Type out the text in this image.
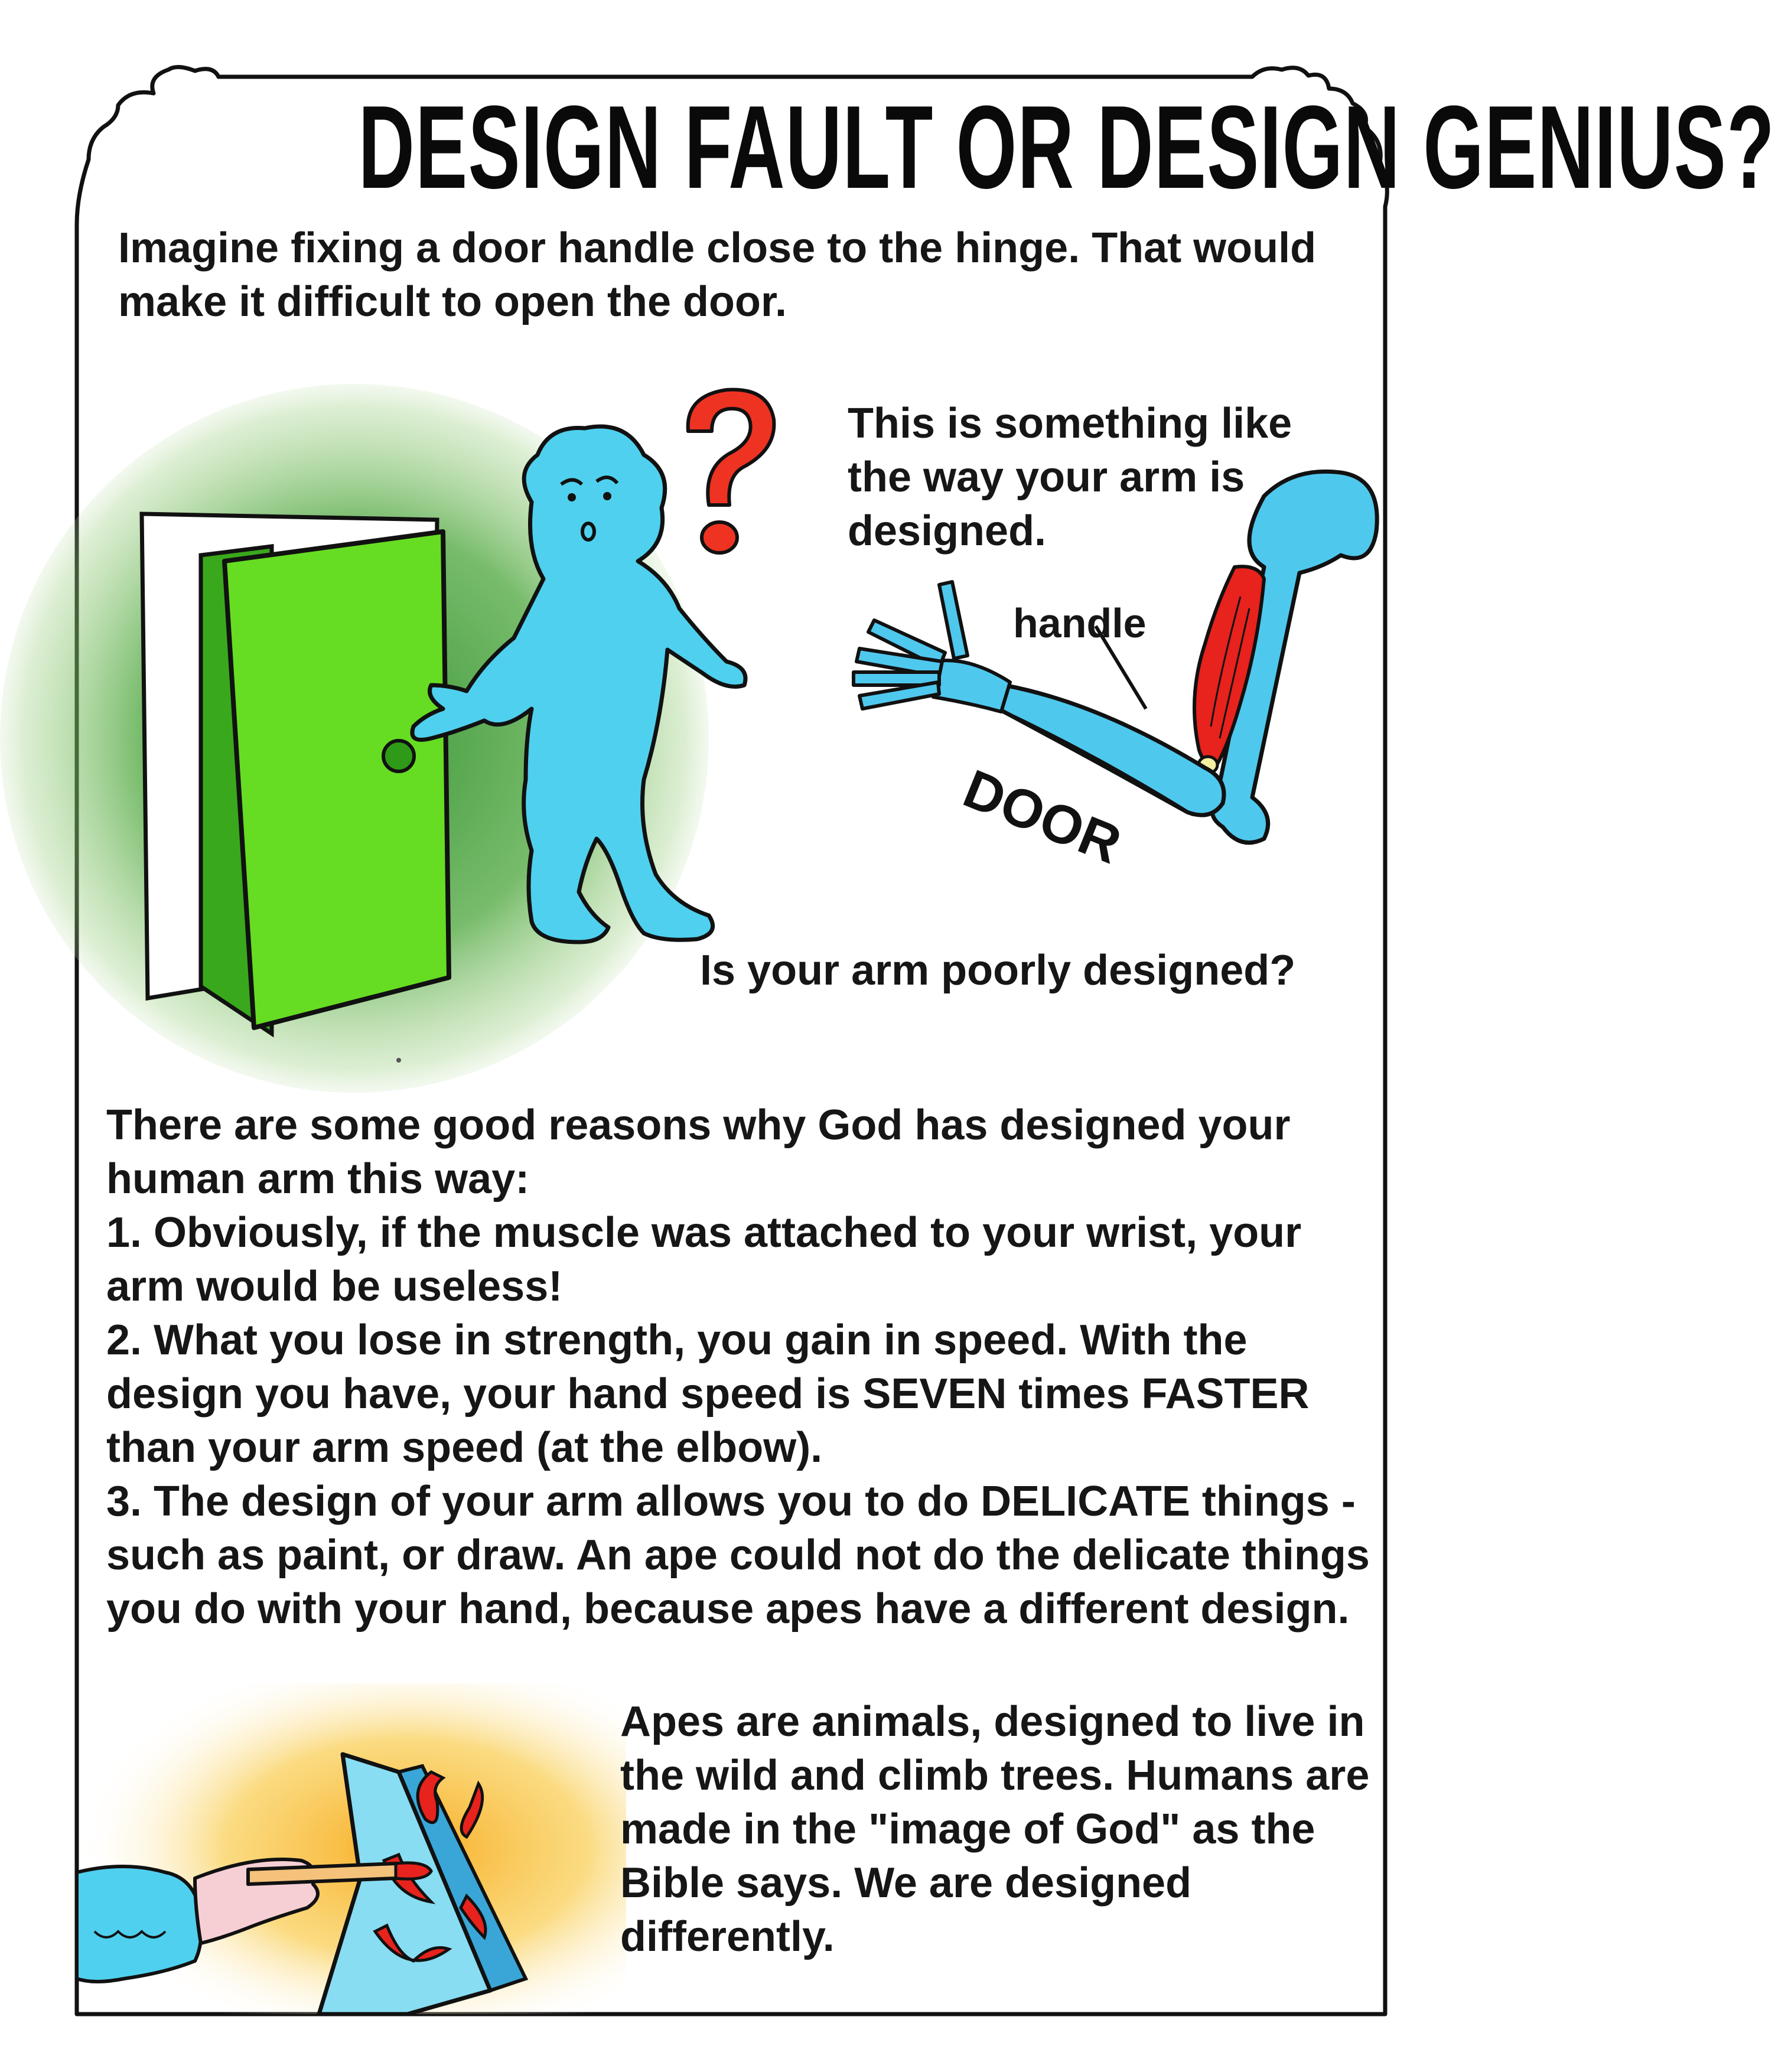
DESIGN FAULT OR DESIGN GENIUS?
Imagine fixing a door handle close to the hinge. That would make it difficult to open the door.
This is something like the way your arm is designed.
DOOR
handle
Is your arm poorly designed?

There are some good reasons why God has designed your human arm this way:

1. Obviously, if the muscle was attached to your wrist, your arm would be useless!

2. What you lose in strength, you gain in speed. With the design you have, your hand speed is SEVEN times FASTER than your arm speed (at the elbow).

3. The design of your arm allows you to do DELICATE things - such as paint, or draw. An ape could not do the delicate things you do with your hand, because apes have a different design.

Apes are animals, designed to live in the wild and climb trees. Humans are made in the "image of God" as the Bible says. We are designed differently.
